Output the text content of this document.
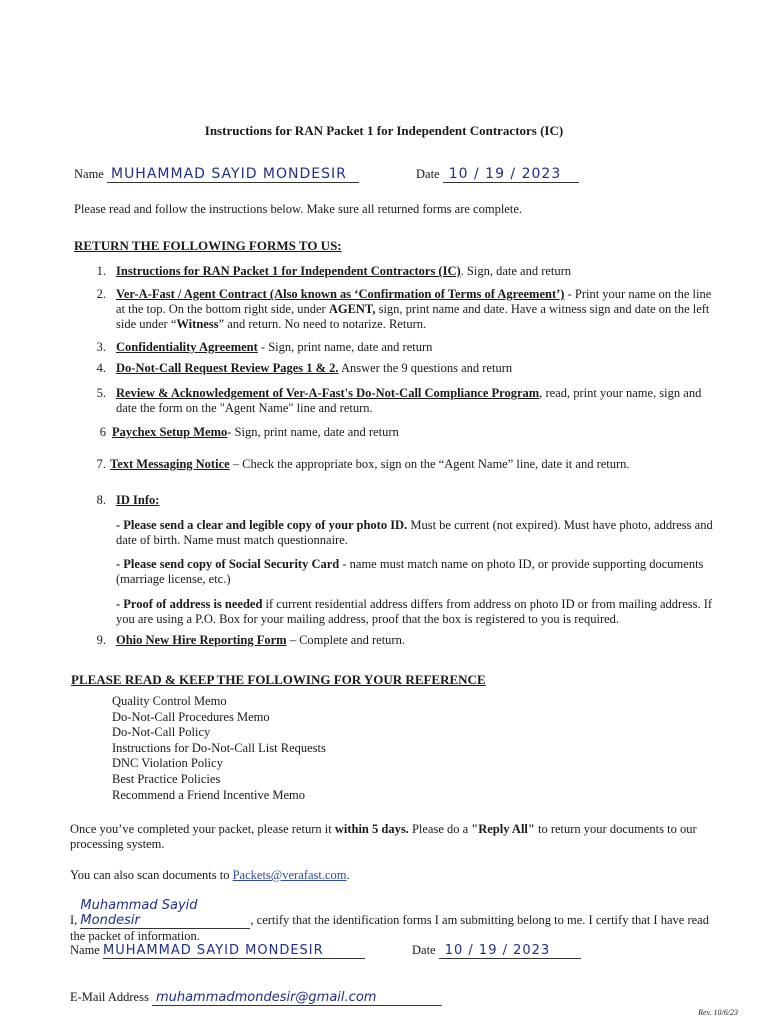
Instructions for RAN Packet 1 for Independent Contractors (IC)
Name MUHAMMAD SAYID MONDESIR	Date 10 / 19 / 2023
Please read and follow the instructions below. Make sure all returned forms are complete.
RETURN THE FOLLOWING FORMS TO US:
1. Instructions for RAN Packet 1 for Independent Contractors (IC). Sign, date and return
2. Ver-A-Fast / Agent Contract (Also known as ‘Confirmation of Terms of Agreement’) - Print your name on the line at the top. On the bottom right side, under AGENT, sign, print name and date. Have a witness sign and date on the left side under “Witness” and return. No need to notarize. Return.
3. Confidentiality Agreement - Sign, print name, date and return
4. Do-Not-Call Request Review Pages 1 & 2. Answer the 9 questions and return
5. Review & Acknowledgement of Ver-A-Fast's Do-Not-Call Compliance Program, read, print your name, sign and date the form on the "Agent Name" line and return.
6 Paychex Setup Memo- Sign, print name, date and return
7. Text Messaging Notice – Check the appropriate box, sign on the “Agent Name” line, date it and return.
8. ID Info:
- Please send a clear and legible copy of your photo ID. Must be current (not expired). Must have photo, address and date of birth. Name must match questionnaire.
- Please send copy of Social Security Card - name must match name on photo ID, or provide supporting documents (marriage license, etc.)
- Proof of address is needed if current residential address differs from address on photo ID or from mailing address. If you are using a P.O. Box for your mailing address, proof that the box is registered to you is required.
9. Ohio New Hire Reporting Form – Complete and return.
PLEASE READ & KEEP THE FOLLOWING FOR YOUR REFERENCE
Quality Control Memo
Do-Not-Call Procedures Memo
Do-Not-Call Policy
Instructions for Do-Not-Call List Requests
DNC Violation Policy
Best Practice Policies
Recommend a Friend Incentive Memo
Once you’ve completed your packet, please return it within 5 days. Please do a "Reply All" to return your documents to our processing system.
You can also scan documents to Packets@verafast.com.
I, Muhammad Sayid Mondesir	, certify that the identification forms I am submitting belong to me. I certify that I have read the packet of information.
Name MUHAMMAD SAYID MONDESIR	Date 10 / 19 / 2023
E-Mail Address muhammadmondesir@gmail.com
Rev. 10/6/23
